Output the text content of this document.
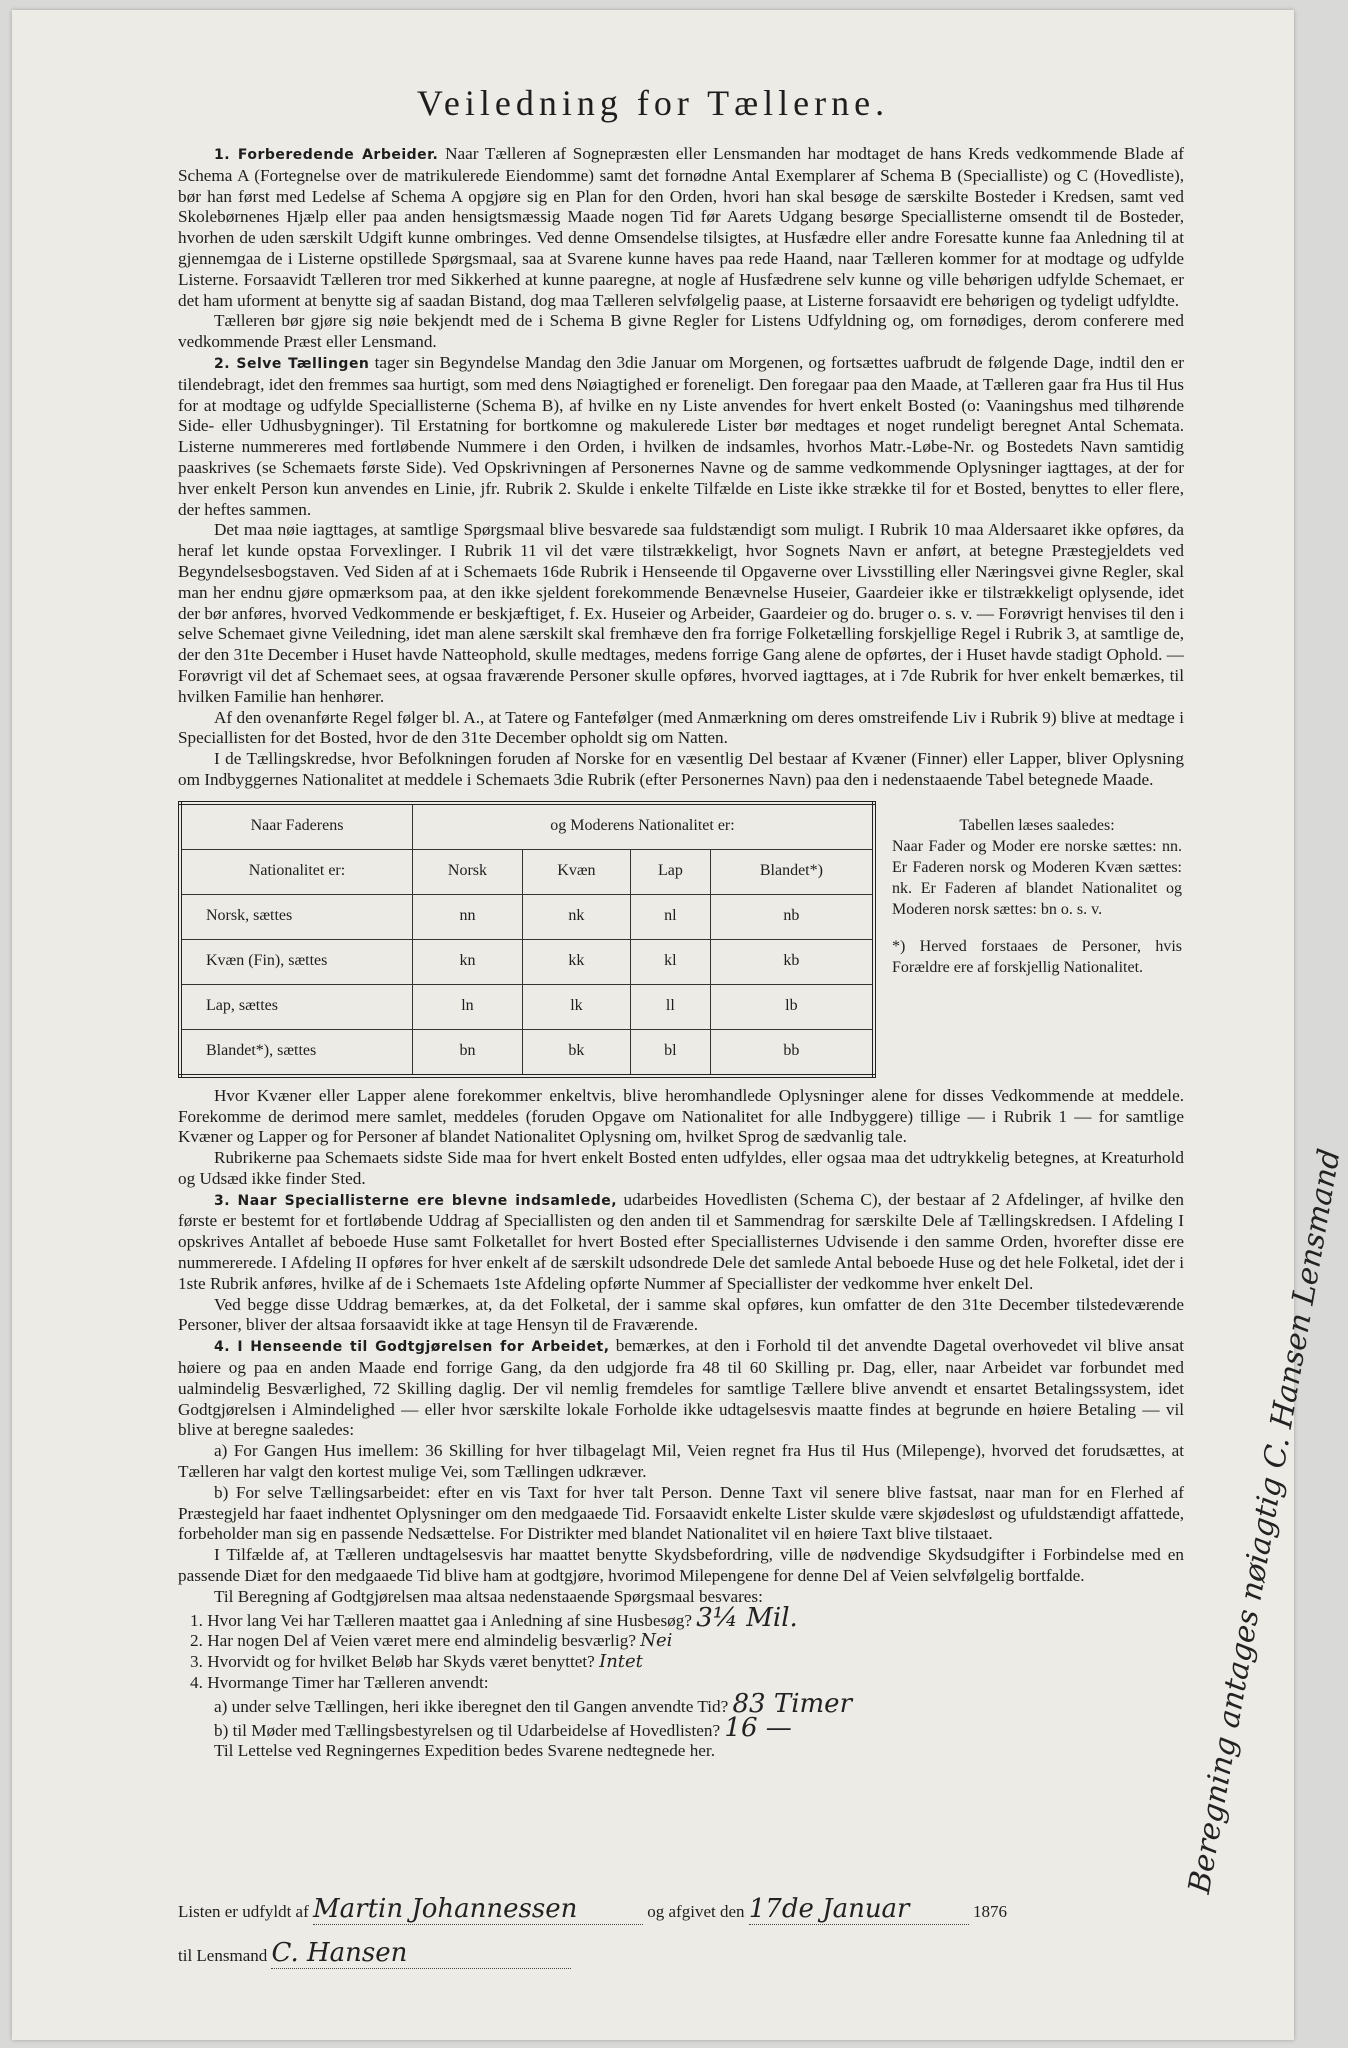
Veiledning for Tællerne.

1. Forberedende Arbeider. Naar Tælleren af Sognepræsten eller Lensmanden har modtaget de hans Kreds vedkommende Blade af Schema A (Fortegnelse over de matrikulerede Eiendomme) samt det fornødne Antal Exemplarer af Schema B (Specialliste) og C (Hovedliste), bør han først med Ledelse af Schema A opgjøre sig en Plan for den Orden, hvori han skal besøge de særskilte Bosteder i Kredsen, samt ved Skolebørnenes Hjælp eller paa anden hensigtsmæssig Maade nogen Tid før Aarets Udgang besørge Speciallisterne omsendt til de Bosteder, hvorhen de uden særskilt Udgift kunne ombringes. Ved denne Omsendelse tilsigtes, at Husfædre eller andre Foresatte kunne faa Anledning til at gjennemgaa de i Listerne opstillede Spørgsmaal, saa at Svarene kunne haves paa rede Haand, naar Tælleren kommer for at modtage og udfylde Listerne. Forsaavidt Tælleren tror med Sikkerhed at kunne paaregne, at nogle af Husfædrene selv kunne og ville behørigen udfylde Schemaet, er det ham uforment at benytte sig af saadan Bistand, dog maa Tælleren selvfølgelig paase, at Listerne forsaavidt ere behørigen og tydeligt udfyldte.

Tælleren bør gjøre sig nøie bekjendt med de i Schema B givne Regler for Listens Udfyldning og, om fornødiges, derom conferere med vedkommende Præst eller Lensmand.

2. Selve Tællingen tager sin Begyndelse Mandag den 3die Januar om Morgenen, og fortsættes uafbrudt de følgende Dage, indtil den er tilendebragt, idet den fremmes saa hurtigt, som med dens Nøiagtighed er foreneligt. Den foregaar paa den Maade, at Tælleren gaar fra Hus til Hus for at modtage og udfylde Speciallisterne (Schema B), af hvilke en ny Liste anvendes for hvert enkelt Bosted (o: Vaaningshus med tilhørende Side- eller Udhusbygninger). Til Erstatning for bortkomne og makulerede Lister bør medtages et noget rundeligt beregnet Antal Schemata. Listerne nummereres med fortløbende Nummere i den Orden, i hvilken de indsamles, hvorhos Matr.-Løbe-Nr. og Bostedets Navn samtidig paaskrives (se Schemaets første Side). Ved Opskrivningen af Personernes Navne og de samme vedkommende Oplysninger iagttages, at der for hver enkelt Person kun anvendes en Linie, jfr. Rubrik 2. Skulde i enkelte Tilfælde en Liste ikke strække til for et Bosted, benyttes to eller flere, der heftes sammen.

Det maa nøie iagttages, at samtlige Spørgsmaal blive besvarede saa fuldstændigt som muligt. I Rubrik 10 maa Aldersaaret ikke opføres, da heraf let kunde opstaa Forvexlinger. I Rubrik 11 vil det være tilstrækkeligt, hvor Sognets Navn er anført, at betegne Præstegjeldets ved Begyndelsesbogstaven. Ved Siden af at i Schemaets 16de Rubrik i Henseende til Opgaverne over Livsstilling eller Næringsvei givne Regler, skal man her endnu gjøre opmærksom paa, at den ikke sjeldent forekommende Benævnelse Huseier, Gaardeier ikke er tilstrækkeligt oplysende, idet der bør anføres, hvorved Vedkommende er beskjæftiget, f. Ex. Huseier og Arbeider, Gaardeier og do. bruger o. s. v. — Forøvrigt henvises til den i selve Schemaet givne Veiledning, idet man alene særskilt skal fremhæve den fra forrige Folketælling forskjellige Regel i Rubrik 3, at samtlige de, der den 31te December i Huset havde Natteophold, skulle medtages, medens forrige Gang alene de opførtes, der i Huset havde stadigt Ophold. — Forøvrigt vil det af Schemaet sees, at ogsaa fraværende Personer skulle opføres, hvorved iagttages, at i 7de Rubrik for hver enkelt bemærkes, til hvilken Familie han henhører.

Af den ovenanførte Regel følger bl. A., at Tatere og Fantefølger (med Anmærkning om deres omstreifende Liv i Rubrik 9) blive at medtage i Speciallisten for det Bosted, hvor de den 31te December opholdt sig om Natten.

I de Tællingskredse, hvor Befolkningen foruden af Norske for en væsentlig Del bestaar af Kvæner (Finner) eller Lapper, bliver Oplysning om Indbyggernes Nationalitet at meddele i Schemaets 3die Rubrik (efter Personernes Navn) paa den i nedenstaaende Tabel betegnede Maade.

Naar Faderens	og Moderens Nationalitet er:			
Nationalitet er:	Norsk	Kvæn	Lap	Blandet*)
Norsk, sættes	nn	nk	nl	nb
Kvæn (Fin), sættes	kn	kk	kl	kb
Lap, sættes	ln	lk	ll	lb
Blandet*), sættes	bn	bk	bl	bb
Tabellen læses saaledes:
Naar Fader og Moder ere norske sættes: nn. Er Faderen norsk og Moderen Kvæn sættes: nk. Er Faderen af blandet Nationalitet og Moderen norsk sættes: bn o. s. v.
*) Herved forstaaes de Personer, hvis Forældre ere af forskjellig Nationalitet.

Hvor Kvæner eller Lapper alene forekommer enkeltvis, blive heromhandlede Oplysninger alene for disses Vedkommende at meddele. Forekomme de derimod mere samlet, meddeles (foruden Opgave om Nationalitet for alle Indbyggere) tillige — i Rubrik 1 — for samtlige Kvæner og Lapper og for Personer af blandet Nationalitet Oplysning om, hvilket Sprog de sædvanlig tale.

Rubrikerne paa Schemaets sidste Side maa for hvert enkelt Bosted enten udfyldes, eller ogsaa maa det udtrykkelig betegnes, at Kreaturhold og Udsæd ikke finder Sted.

3. Naar Speciallisterne ere blevne indsamlede, udarbeides Hovedlisten (Schema C), der bestaar af 2 Afdelinger, af hvilke den første er bestemt for et fortløbende Uddrag af Speciallisten og den anden til et Sammendrag for særskilte Dele af Tællingskredsen. I Afdeling I opskrives Antallet af beboede Huse samt Folketallet for hvert Bosted efter Speciallisternes Udvisende i den samme Orden, hvorefter disse ere nummererede. I Afdeling II opføres for hver enkelt af de særskilt udsondrede Dele det samlede Antal beboede Huse og det hele Folketal, idet der i 1ste Rubrik anføres, hvilke af de i Schemaets 1ste Afdeling opførte Nummer af Speciallister der vedkomme hver enkelt Del.

Ved begge disse Uddrag bemærkes, at, da det Folketal, der i samme skal opføres, kun omfatter de den 31te December tilstedeværende Personer, bliver der altsaa forsaavidt ikke at tage Hensyn til de Fraværende.

4. I Henseende til Godtgjørelsen for Arbeidet, bemærkes, at den i Forhold til det anvendte Dagetal overhovedet vil blive ansat høiere og paa en anden Maade end forrige Gang, da den udgjorde fra 48 til 60 Skilling pr. Dag, eller, naar Arbeidet var forbundet med ualmindelig Besværlighed, 72 Skilling daglig. Der vil nemlig fremdeles for samtlige Tællere blive anvendt et ensartet Betalingssystem, idet Godtgjørelsen i Almindelighed — eller hvor særskilte lokale Forholde ikke udtagelsesvis maatte findes at begrunde en høiere Betaling — vil blive at beregne saaledes:

a) For Gangen Hus imellem: 36 Skilling for hver tilbagelagt Mil, Veien regnet fra Hus til Hus (Milepenge), hvorved det forudsættes, at Tælleren har valgt den kortest mulige Vei, som Tællingen udkræver.

b) For selve Tællingsarbeidet: efter en vis Taxt for hver talt Person. Denne Taxt vil senere blive fastsat, naar man for en Flerhed af Præstegjeld har faaet indhentet Oplysninger om den medgaaede Tid. Forsaavidt enkelte Lister skulde være skjødesløst og ufuldstændigt affattede, forbeholder man sig en passende Nedsættelse. For Distrikter med blandet Nationalitet vil en høiere Taxt blive tilstaaet.

I Tilfælde af, at Tælleren undtagelsesvis har maattet benytte Skydsbefordring, ville de nødvendige Skydsudgifter i Forbindelse med en passende Diæt for den medgaaede Tid blive ham at godtgjøre, hvorimod Milepengene for denne Del af Veien selvfølgelig bortfalde.

Til Beregning af Godtgjørelsen maa altsaa nedenstaaende Spørgsmaal besvares:

1. Hvor lang Vei har Tælleren maattet gaa i Anledning af sine Husbesøg? 3¼ Mil.

2. Har nogen Del af Veien været mere end almindelig besværlig? Nei

3. Hvorvidt og for hvilket Beløb har Skyds været benyttet? Intet

4. Hvormange Timer har Tælleren anvendt:

a) under selve Tællingen, heri ikke iberegnet den til Gangen anvendte Tid? 83 Timer

b) til Møder med Tællingsbestyrelsen og til Udarbeidelse af Hovedlisten? 16 —

Til Lettelse ved Regningernes Expedition bedes Svarene nedtegnede her.

Listen er udfyldt af Martin Johannessen	og afgivet den 17de Januar	1876
til Lensmand C. Hansen
Beregning antages nøiagtig C. Hansen Lensmand
